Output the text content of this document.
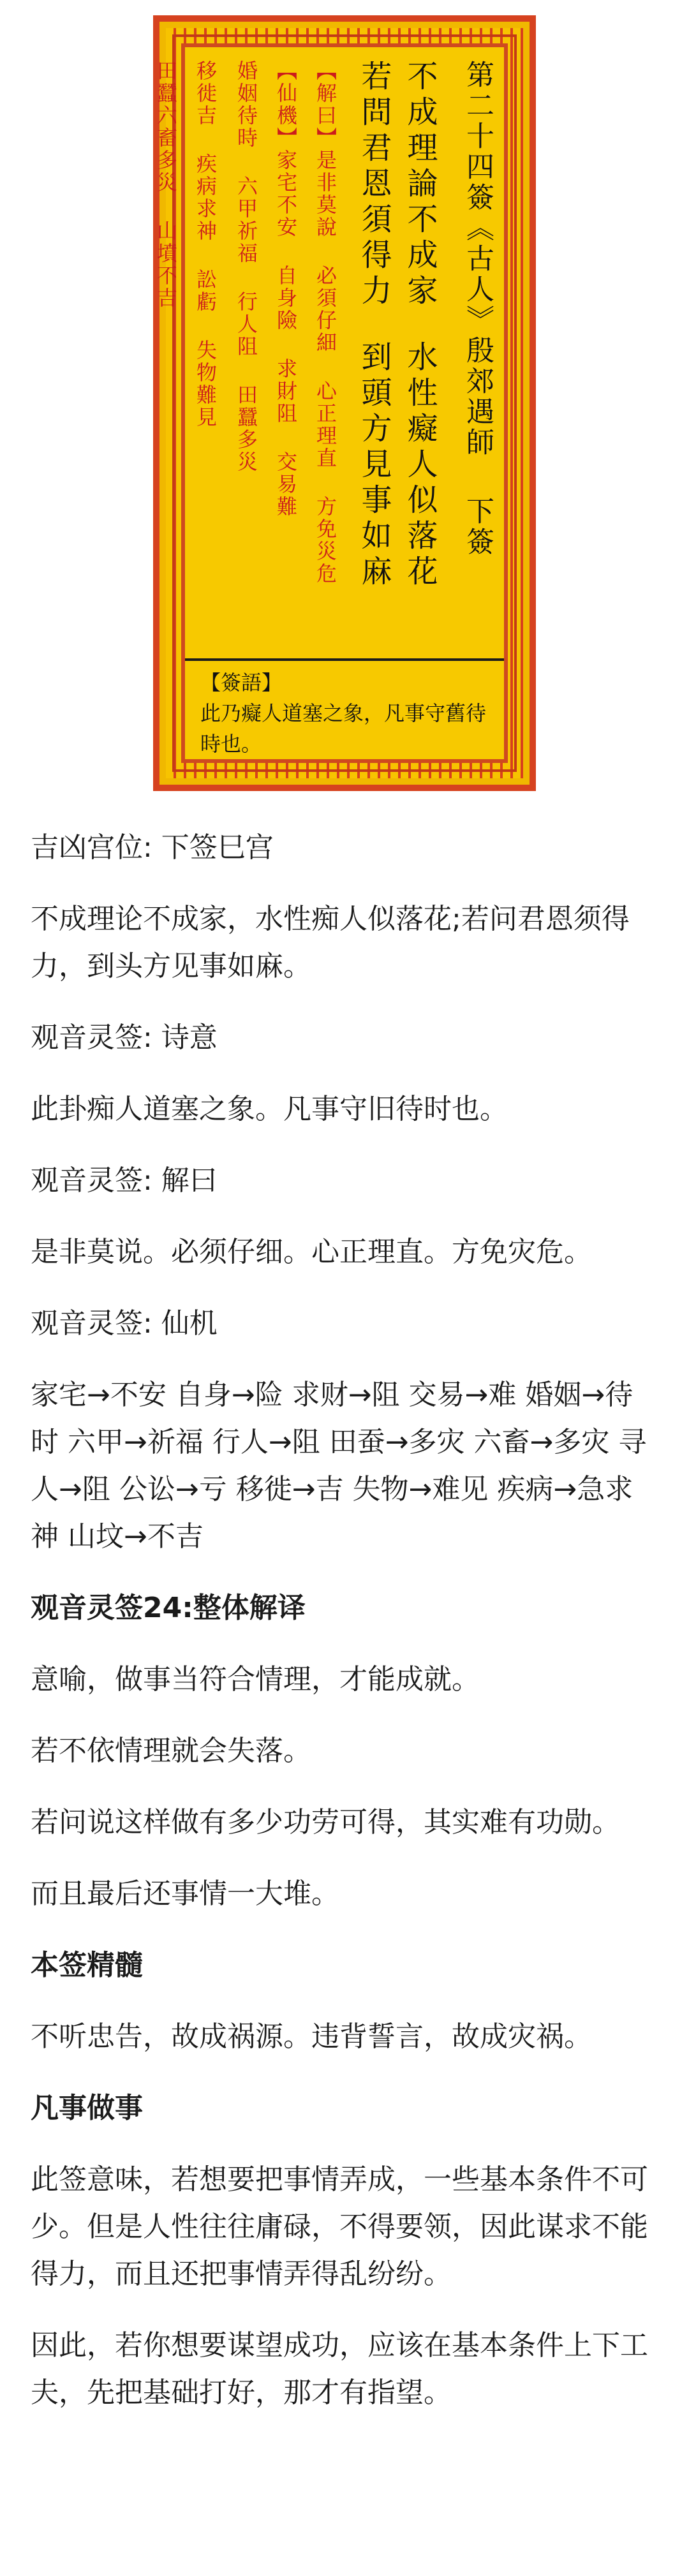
第二十四簽《古人》殷郊遇師下簽
不成理論不成家水性癡人似落花
若問君恩須得力到頭方見事如麻
【解曰】是非莫說 必須仔細 心正理直 方免災危
【仙機】家宅不安 自身險 求財阻 交易難
婚姻待時 六甲祈福 行人阻 田蠶多災
移徙吉 疾病求神 訟虧 失物難見
田蠶六畜多災 山墳不吉
【簽語】
此乃癡人道塞之象，凡事守舊待時也。

吉凶宫位: 下签巳宫

不成理论不成家，水性痴人似落花;若问君恩须得力，到头方见事如麻。

观音灵签: 诗意

此卦痴人道塞之象。凡事守旧待时也。

观音灵签: 解曰

是非莫说。必须仔细。心正理直。方免灾危。

观音灵签: 仙机

家宅→不安 自身→险 求财→阻 交易→难 婚姻→待时 六甲→祈福 行人→阻 田蚕→多灾 六畜→多灾 寻人→阻 公讼→亏 移徙→吉 失物→难见 疾病→急求神 山坟→不吉

观音灵签24:整体解译

意喻，做事当符合情理，才能成就。

若不依情理就会失落。

若问说这样做有多少功劳可得，其实难有功勋。

而且最后还事情一大堆。

本签精髓

不听忠告，故成祸源。违背誓言，故成灾祸。

凡事做事

此签意味，若想要把事情弄成，一些基本条件不可少。但是人性往往庸碌，不得要领，因此谋求不能得力，而且还把事情弄得乱纷纷。

因此，若你想要谋望成功，应该在基本条件上下工夫，先把基础打好，那才有指望。
